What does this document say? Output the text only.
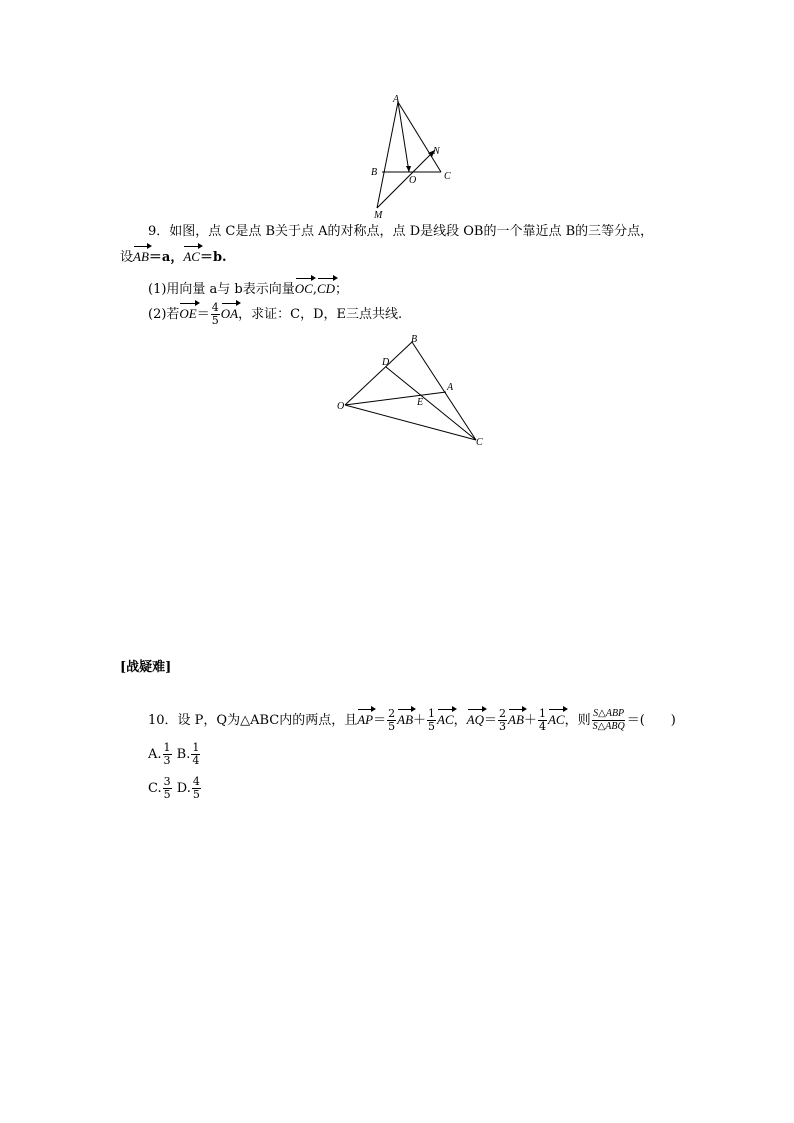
A
B	C
O
N
M
9．如图，点 C是点 B关于点 A的对称点，点 D是线段 OB的一个靠近点 B的三等分点，
设AB＝a，AC＝b.
(1)用向量 a与 b表示向量OC,CD；
(2)若$OE= \frac{4}{5}$ OA，求证：C，D，E三点共线.
B
D
A
E
O
C
[战疑难]
10．设 P，Q为△ABC内的两点，且$AP= \frac{2}{5} AB+ \frac{1}{5}$ AC，$AQ= \frac{2}{3} AB+ \frac{1}{4}$ AC，则 $\frac{\text{S△ABP}}{\text{S△ABQ}}$ ＝(　　)
A. $\frac{1}{3} B$. $\frac{1}{4}$
C. $\frac{3}{5} D$. $\frac{4}{5}$
